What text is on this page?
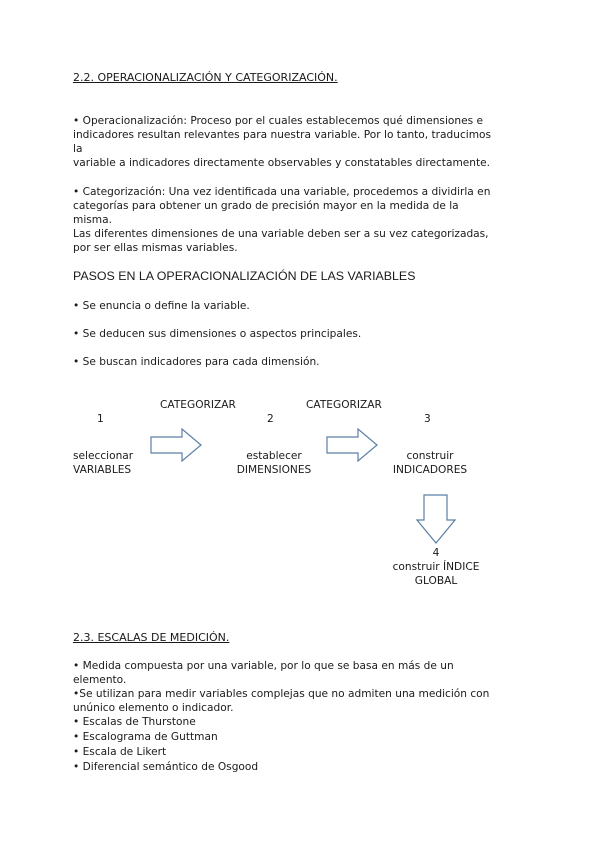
2.2. OPERACIONALIZACIÓN Y CATEGORIZACIÓN.
• Operacionalización: Proceso por el cuales establecemos qué dimensiones e
indicadores resultan relevantes para nuestra variable. Por lo tanto, traducimos
la
variable a indicadores directamente observables y constatables directamente.
• Categorización: Una vez identificada una variable, procedemos a dividirla en
categorías para obtener un grado de precisión mayor en la medida de la
misma.
Las diferentes dimensiones de una variable deben ser a su vez categorizadas,
por ser ellas mismas variables.
PASOS EN LA OPERACIONALIZACIÓN DE LAS VARIABLES
• Se enuncia o define la variable.
• Se deducen sus dimensiones o aspectos principales.
• Se buscan indicadores para cada dimensión.
CATEGORIZAR	CATEGORIZAR
1	2	3
seleccionar
VARIABLES
establecer
DIMENSIONES
construir
INDICADORES
4
construir ÍNDICE
GLOBAL
2.3. ESCALAS DE MEDICIÓN.
• Medida compuesta por una variable, por lo que se basa en más de un
elemento.
•Se utilizan para medir variables complejas que no admiten una medición con
unúnico elemento o indicador.
• Escalas de Thurstone
• Escalograma de Guttman
• Escala de Likert
• Diferencial semántico de Osgood
